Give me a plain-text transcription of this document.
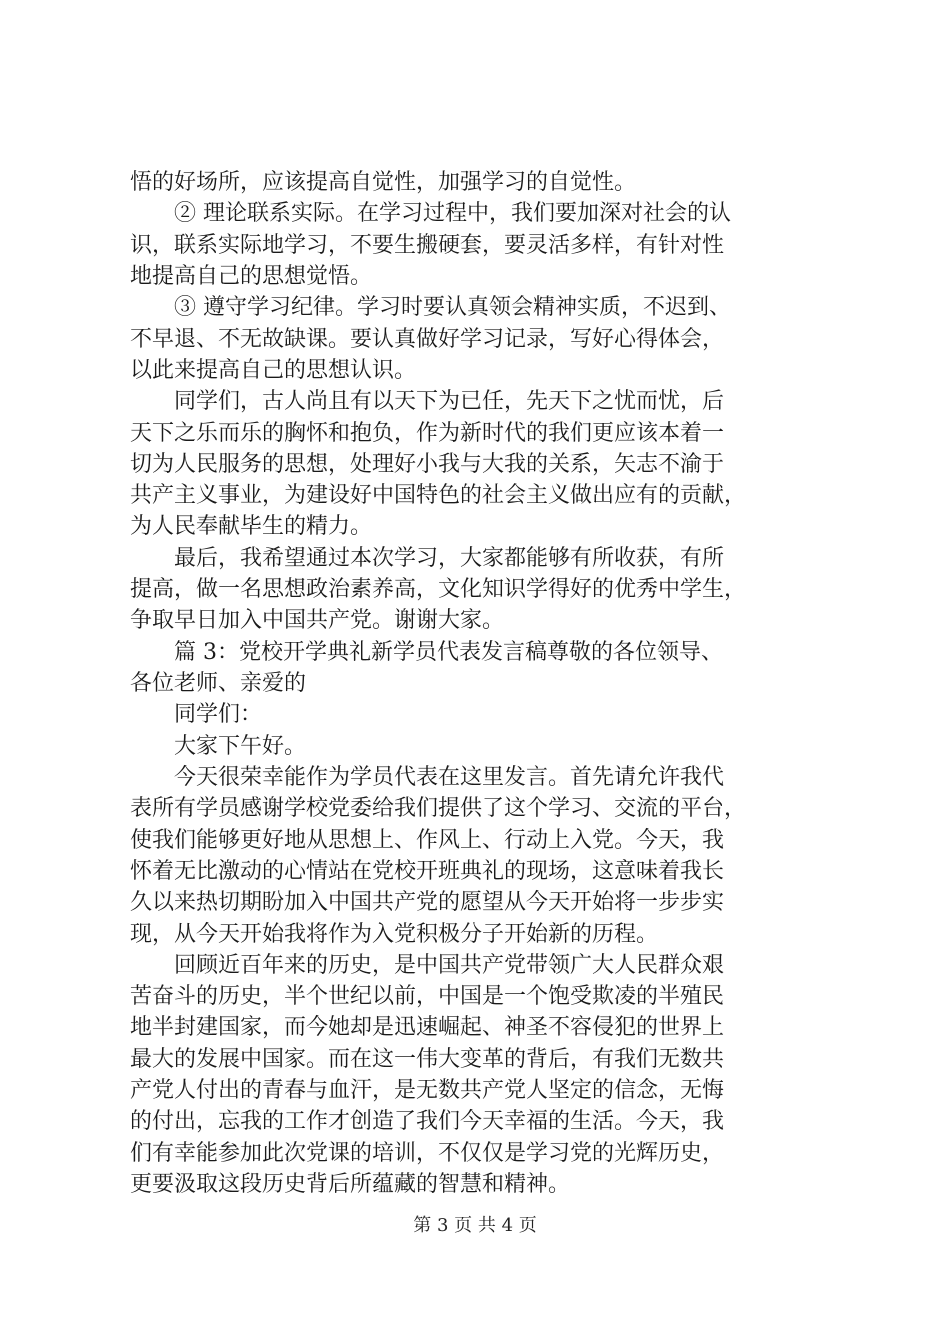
悟的好场所，应该提高自觉性，加强学习的自觉性。
　　② 理论联系实际。在学习过程中，我们要加深对社会的认
识，联系实际地学习，不要生搬硬套，要灵活多样，有针对性
地提高自己的思想觉悟。
　　③ 遵守学习纪律。学习时要认真领会精神实质，不迟到、
不早退、不无故缺课。要认真做好学习记录，写好心得体会，
以此来提高自己的思想认识。
　　同学们，古人尚且有以天下为已任，先天下之忧而忧，后
天下之乐而乐的胸怀和抱负，作为新时代的我们更应该本着一
切为人民服务的思想，处理好小我与大我的关系，矢志不渝于
共产主义事业，为建设好中国特色的社会主义做出应有的贡献，
为人民奉献毕生的精力。
　　最后，我希望通过本次学习，大家都能够有所收获，有所
提高，做一名思想政治素养高，文化知识学得好的优秀中学生，
争取早日加入中国共产党。谢谢大家。
　　篇 3：党校开学典礼新学员代表发言稿尊敬的各位领导、
各位老师、亲爱的
　　同学们：
　　大家下午好。
　　今天很荣幸能作为学员代表在这里发言。首先请允许我代
表所有学员感谢学校党委给我们提供了这个学习、交流的平台，
使我们能够更好地从思想上、作风上、行动上入党。今天，我
怀着无比激动的心情站在党校开班典礼的现场，这意味着我长
久以来热切期盼加入中国共产党的愿望从今天开始将一步步实
现，从今天开始我将作为入党积极分子开始新的历程。
　　回顾近百年来的历史，是中国共产党带领广大人民群众艰
苦奋斗的历史，半个世纪以前，中国是一个饱受欺凌的半殖民
地半封建国家，而今她却是迅速崛起、神圣不容侵犯的世界上
最大的发展中国家。而在这一伟大变革的背后，有我们无数共
产党人付出的青春与血汗，是无数共产党人坚定的信念，无悔
的付出，忘我的工作才创造了我们今天幸福的生活。今天，我
们有幸能参加此次党课的培训，不仅仅是学习党的光辉历史，
更要汲取这段历史背后所蕴藏的智慧和精神。
第 3 页 共 4 页
